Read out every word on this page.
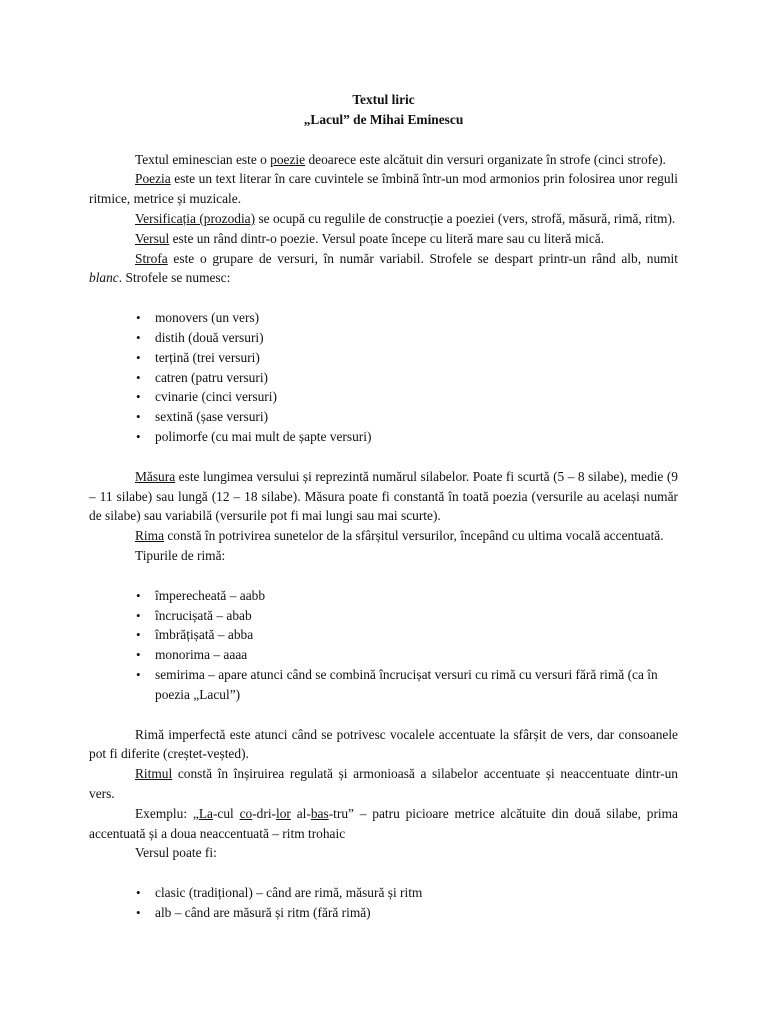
Textul liric

„Lacul” de Mihai Eminescu

Textul eminescian este o poezie deoarece este alcătuit din versuri organizate în strofe (cinci strofe).

Poezia este un text literar în care cuvintele se îmbină într-un mod armonios prin folosirea unor reguli ritmice, metrice și muzicale.

Versificația (prozodia) se ocupă cu regulile de construcție a poeziei (vers, strofă, măsură, rimă, ritm).

Versul este un rând dintr-o poezie. Versul poate începe cu literă mare sau cu literă mică.

Strofa este o grupare de versuri, în număr variabil. Strofele se despart printr-un rând alb, numit blanc. Strofele se numesc:

• monovers (un vers)
• distih (două versuri)
• terțină (trei versuri)
• catren (patru versuri)
• cvinarie (cinci versuri)
• sextină (șase versuri)
• polimorfe (cu mai mult de șapte versuri)

Măsura este lungimea versului și reprezintă numărul silabelor. Poate fi scurtă (5 – 8 silabe), medie (9 – 11 silabe) sau lungă (12 – 18 silabe). Măsura poate fi constantă în toată poezia (versurile au același număr de silabe) sau variabilă (versurile pot fi mai lungi sau mai scurte).

Rima constă în potrivirea sunetelor de la sfârșitul versurilor, începând cu ultima vocală accentuată.

Tipurile de rimă:

• împerecheată – aabb
• încrucișată – abab
• îmbrățișată – abba
• monorima – aaaa
• semirima – apare atunci când se combină încrucișat versuri cu rimă cu versuri fără rimă (ca în poezia „Lacul”)

Rimă imperfectă este atunci când se potrivesc vocalele accentuate la sfârșit de vers, dar consoanele pot fi diferite (creștet-veșted).

Ritmul constă în înșiruirea regulată și armonioasă a silabelor accentuate și neaccentuate dintr-un vers.

Exemplu: „La-cul co-dri-lor al-bas-tru” – patru picioare metrice alcătuite din două silabe, prima accentuată și a doua neaccentuată – ritm trohaic

Versul poate fi:

• clasic (tradițional) – când are rimă, măsură și ritm
• alb – când are măsură și ritm (fără rimă)
